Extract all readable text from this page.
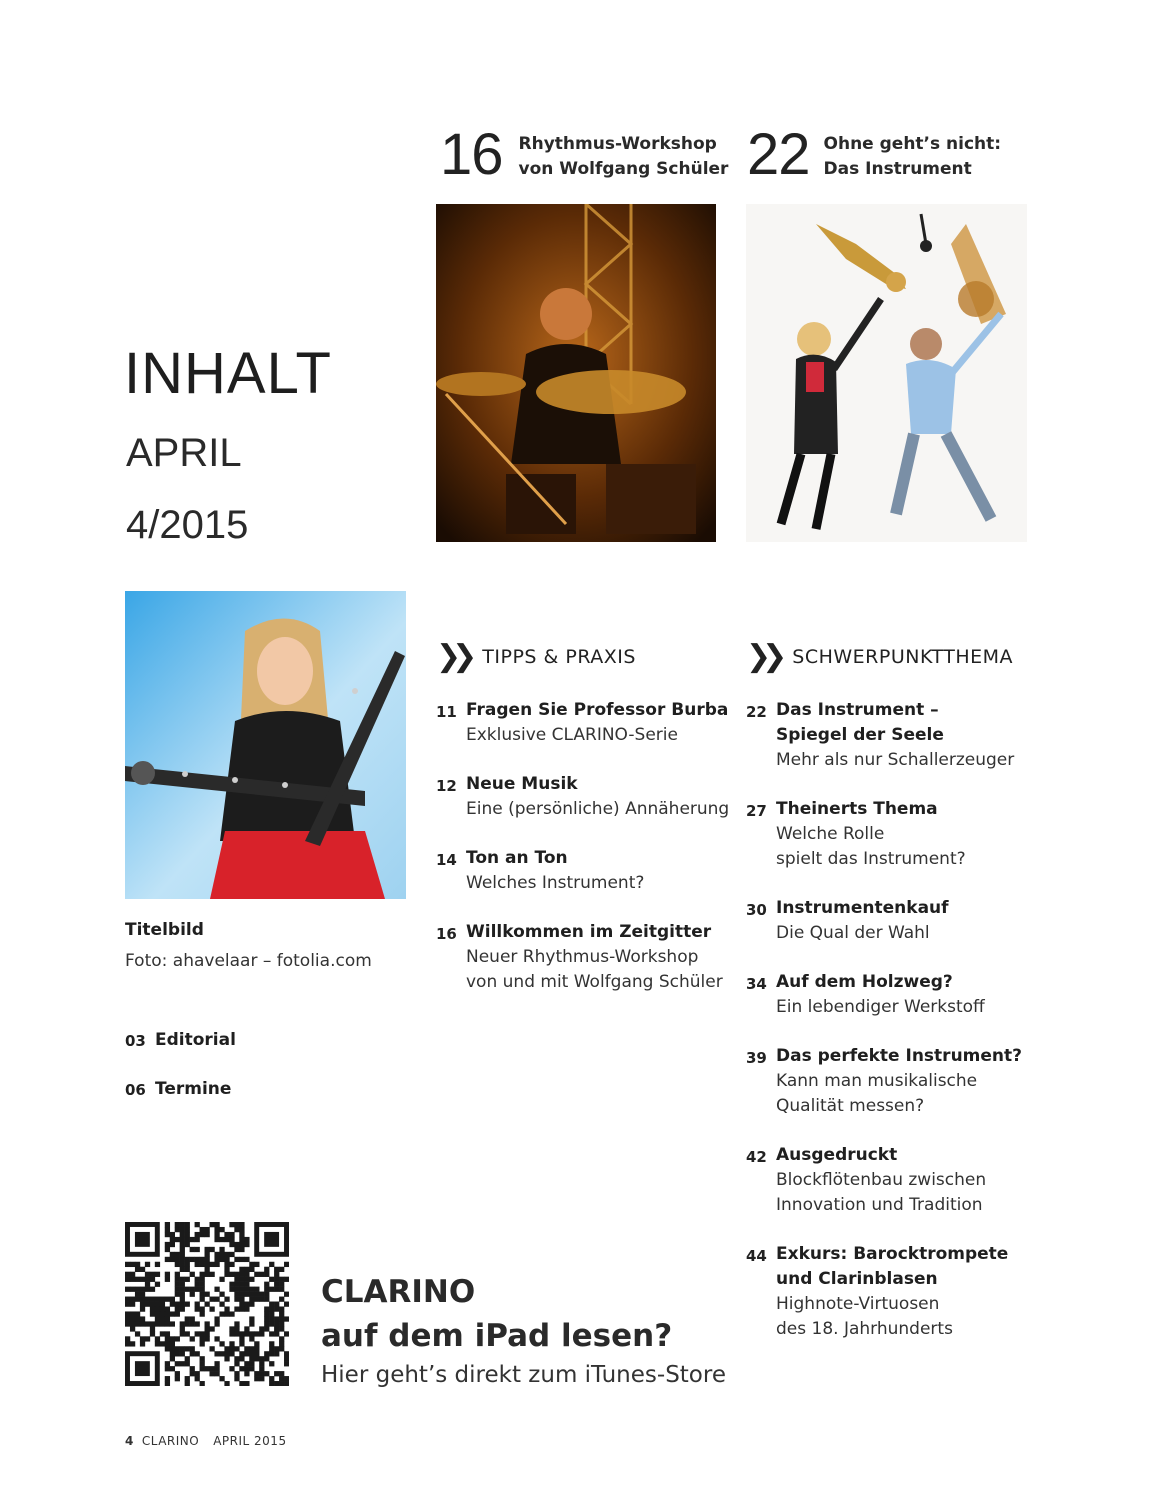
16 Rhythmus-Workshop
von Wolfgang Schüler 22 Ohne geht’s nicht:
Das Instrument
INHALT
APRIL
4/2015
Titelbild
Foto: ahavelaar – fotolia.com
03 Editorial
06 Termine
❯❯ TIPPS & PRAXIS
11 Fragen Sie Professor Burba
Exklusive CLARINO-Serie
12 Neue Musik
Eine (persönliche) Annäherung
14 Ton an Ton
Welches Instrument?
16 Willkommen im Zeitgitter
Neuer Rhythmus-Workshop
von und mit Wolfgang Schüler
❯❯ SCHWERPUNKTTHEMA
22 Das Instrument –
Spiegel der Seele
Mehr als nur Schallerzeuger
27 Theinerts Thema
Welche Rolle
spielt das Instrument?
30 Instrumentenkauf
Die Qual der Wahl
34 Auf dem Holzweg?
Ein lebendiger Werkstoff
39 Das perfekte Instrument?
Kann man musikalische
Qualität messen?
42 Ausgedruckt
Blockflötenbau zwischen
Innovation und Tradition
44 Exkurs: Barocktrompete
und Clarinblasen
Highnote-Virtuosen
des 18. Jahrhunderts
CLARINO
auf dem iPad lesen?
Hier geht’s direkt zum iTunes-Store
4 CLARINO APRIL 2015
